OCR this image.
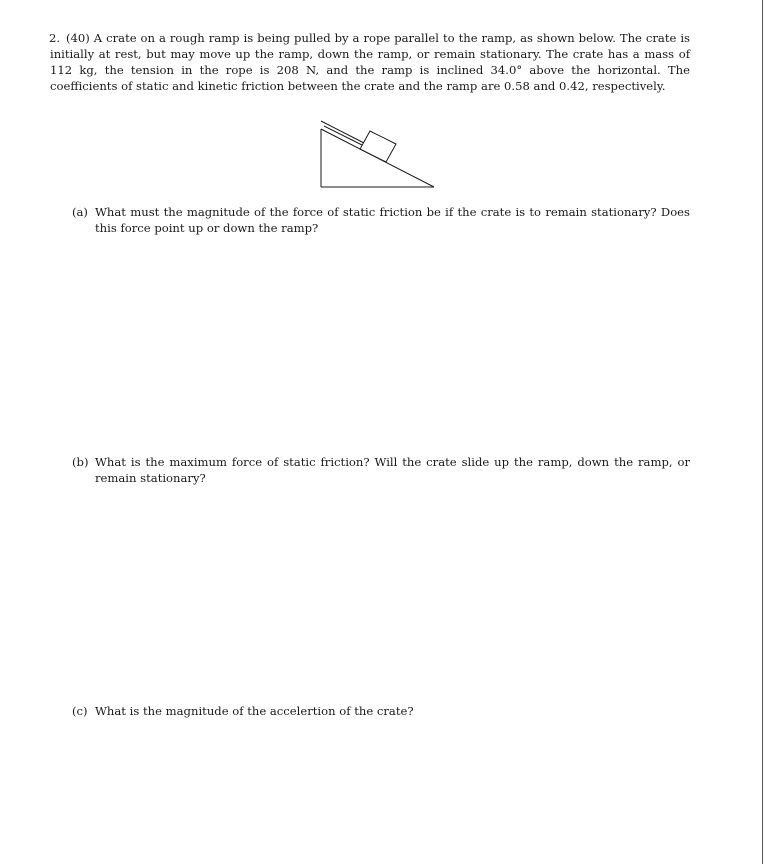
2. (40) A crate on a rough ramp is being pulled by a rope parallel to the ramp, as shown below. The crate is initially at rest, but may move up the ramp, down the ramp, or remain stationary. The crate has a mass of 112 kg, the tension in the rope is 208 N, and the ramp is inclined 34.0° above the horizontal. The coefficients of static and kinetic friction between the crate and the ramp are 0.58 and 0.42, respectively.
(a) What must the magnitude of the force of static friction be if the crate is to remain stationary? Does this force point up or down the ramp?
(b) What is the maximum force of static friction? Will the crate slide up the ramp, down the ramp, or remain stationary?
(c) What is the magnitude of the accelertion of the crate?
